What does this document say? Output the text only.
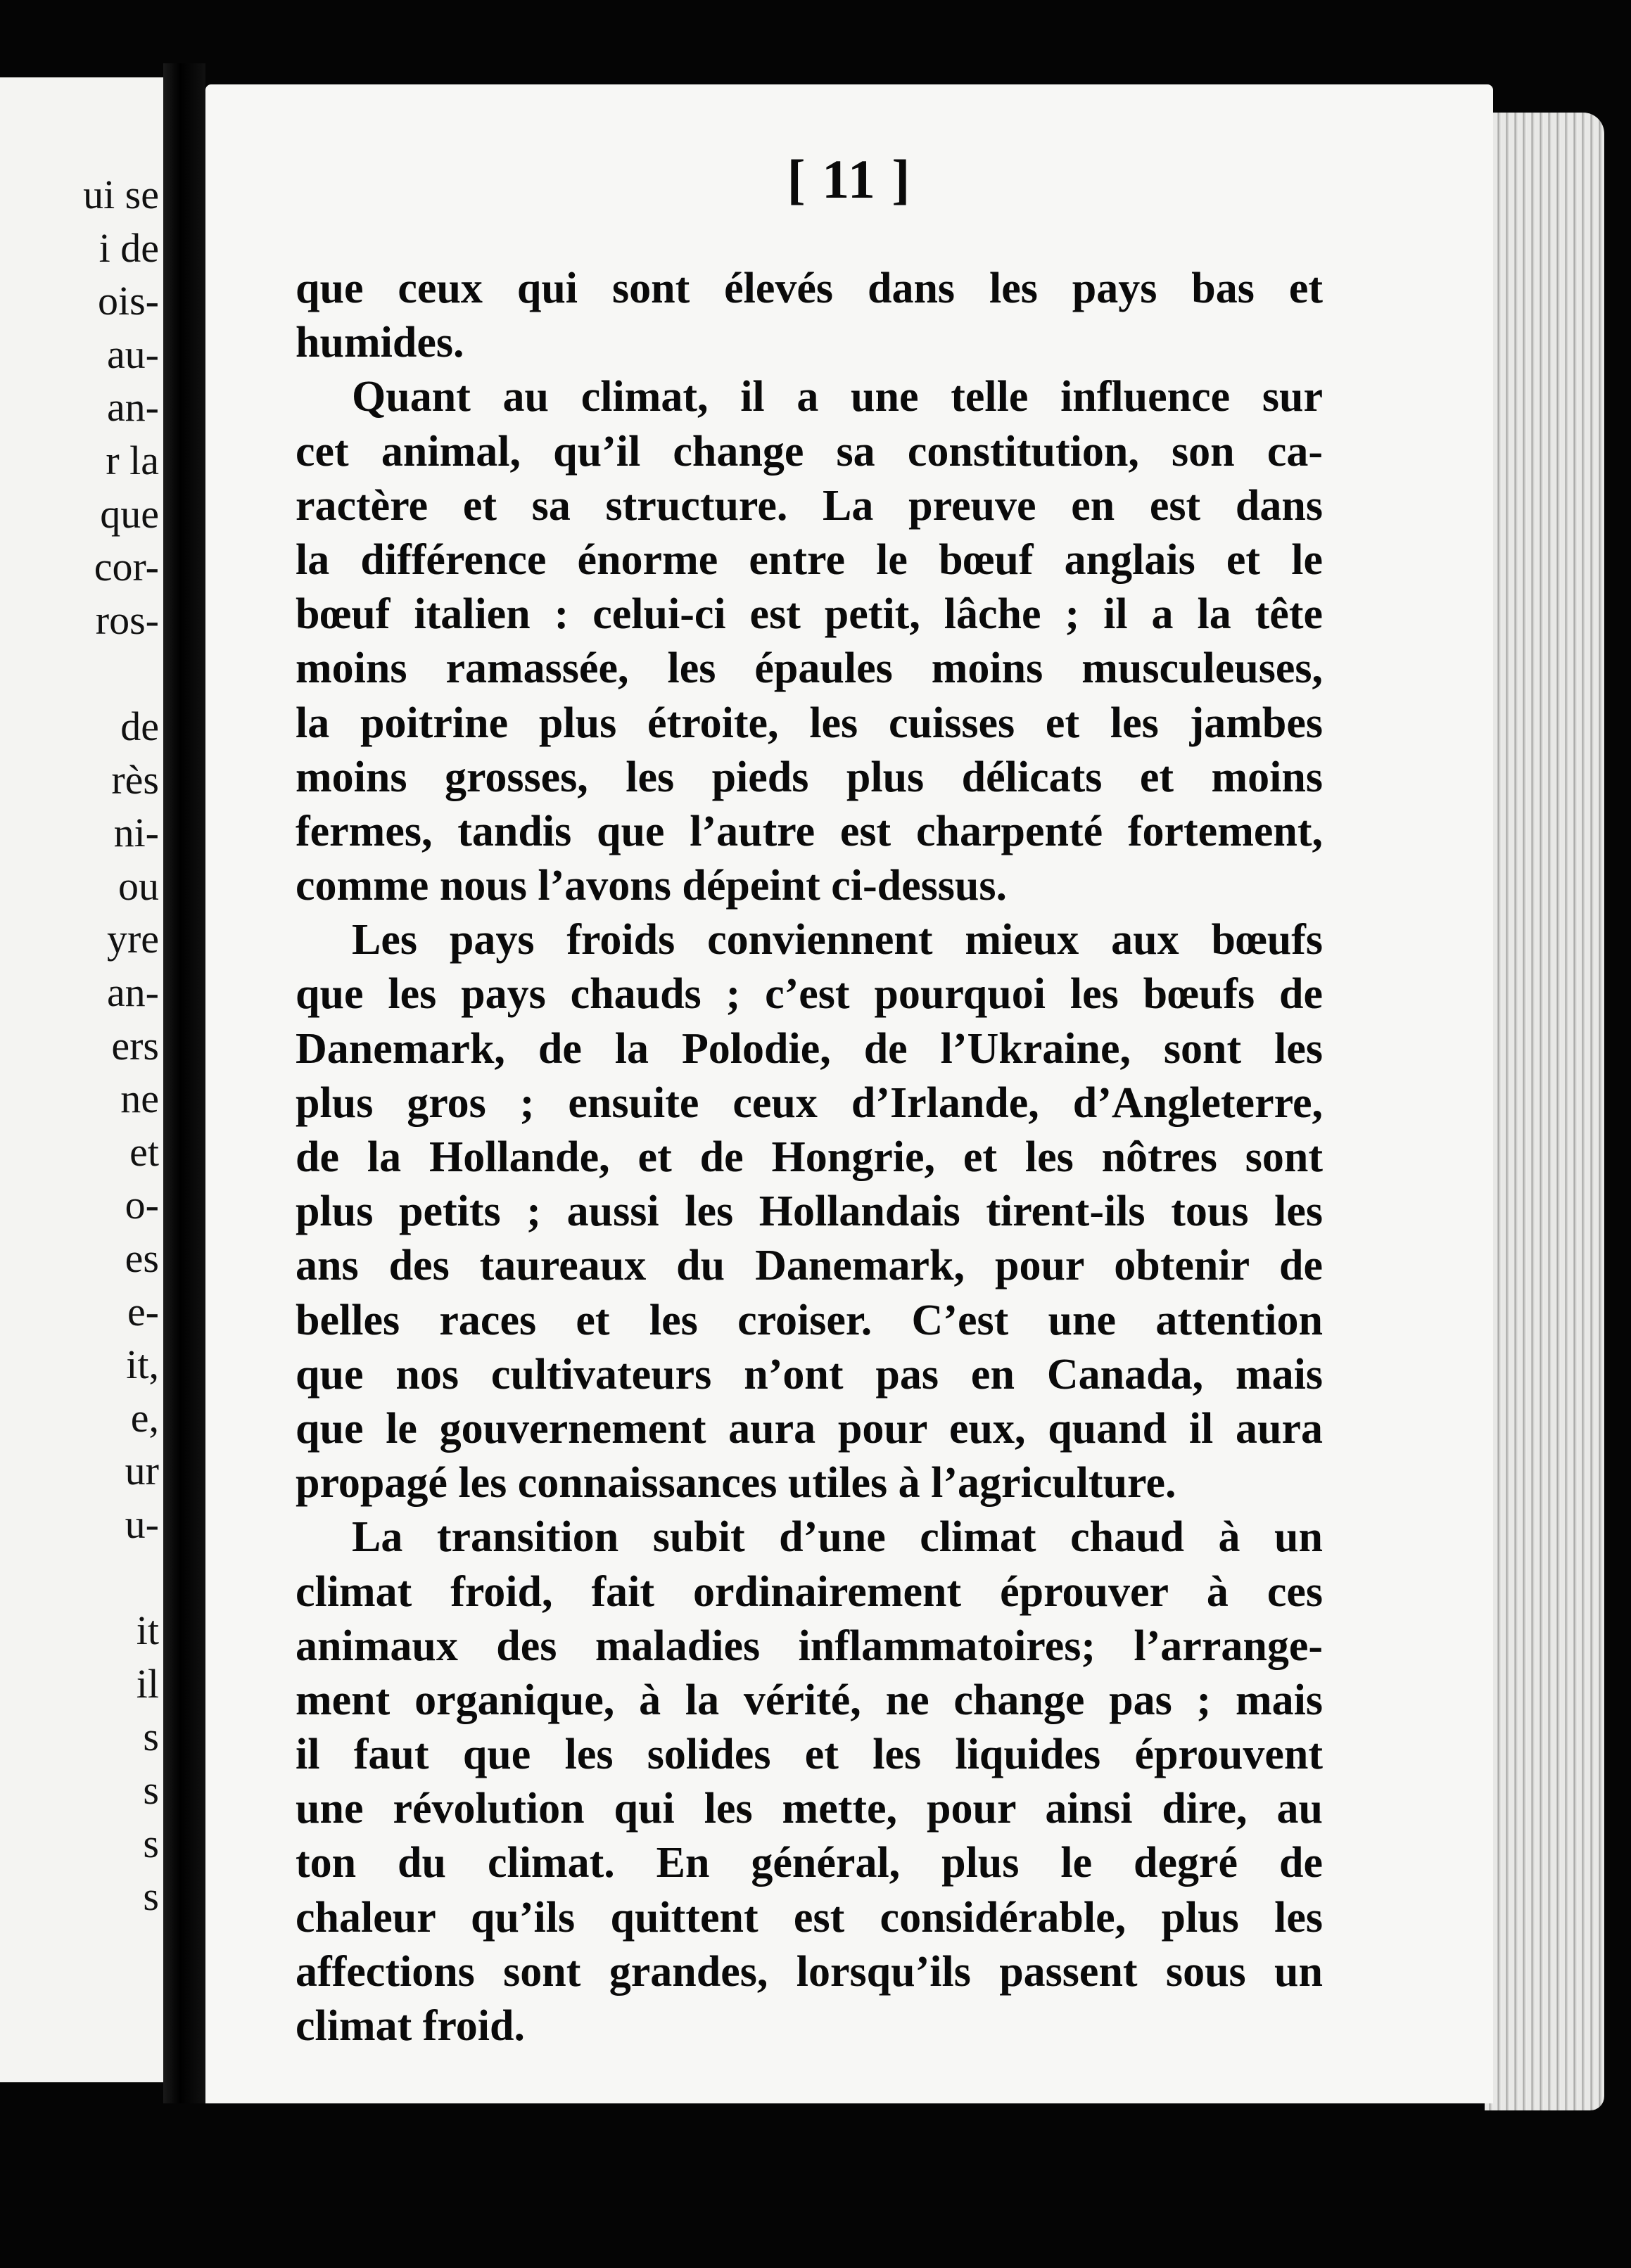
ui se
i de
ois-
au-
an-
r la
que
cor-
ros-
de
rès
ni-
ou
yre
an-
ers
ne
et
o-
es
e-
it,
e,
ur
u-
it
il
s
s
s
s
[ 11 ]
que ceux qui sont élevés dans les pays bas et
humides.
Quant au climat, il a une telle influence sur
cet animal, qu’il change sa constitution, son ca-
ractère et sa structure. La preuve en est dans
la différence énorme entre le bœuf anglais et le
bœuf italien : celui-ci est petit, lâche ; il a la tête
moins ramassée, les épaules moins musculeuses,
la poitrine plus étroite, les cuisses et les jambes
moins grosses, les pieds plus délicats et moins
fermes, tandis que l’autre est charpenté fortement,
comme nous l’avons dépeint ci-dessus.
Les pays froids conviennent mieux aux bœufs
que les pays chauds ; c’est pourquoi les bœufs de
Danemark, de la Polodie, de l’Ukraine, sont les
plus gros ; ensuite ceux d’Irlande, d’Angleterre,
de la Hollande, et de Hongrie, et les nôtres sont
plus petits ; aussi les Hollandais tirent-ils tous les
ans des taureaux du Danemark, pour obtenir de
belles races et les croiser. C’est une attention
que nos cultivateurs n’ont pas en Canada, mais
que le gouvernement aura pour eux, quand il aura
propagé les connaissances utiles à l’agriculture.
La transition subit d’une climat chaud à un
climat froid, fait ordinairement éprouver à ces
animaux des maladies inflammatoires; l’arrange-
ment organique, à la vérité, ne change pas ; mais
il faut que les solides et les liquides éprouvent
une révolution qui les mette, pour ainsi dire, au
ton du climat. En général, plus le degré de
chaleur qu’ils quittent est considérable, plus les
affections sont grandes, lorsqu’ils passent sous un
climat froid.
